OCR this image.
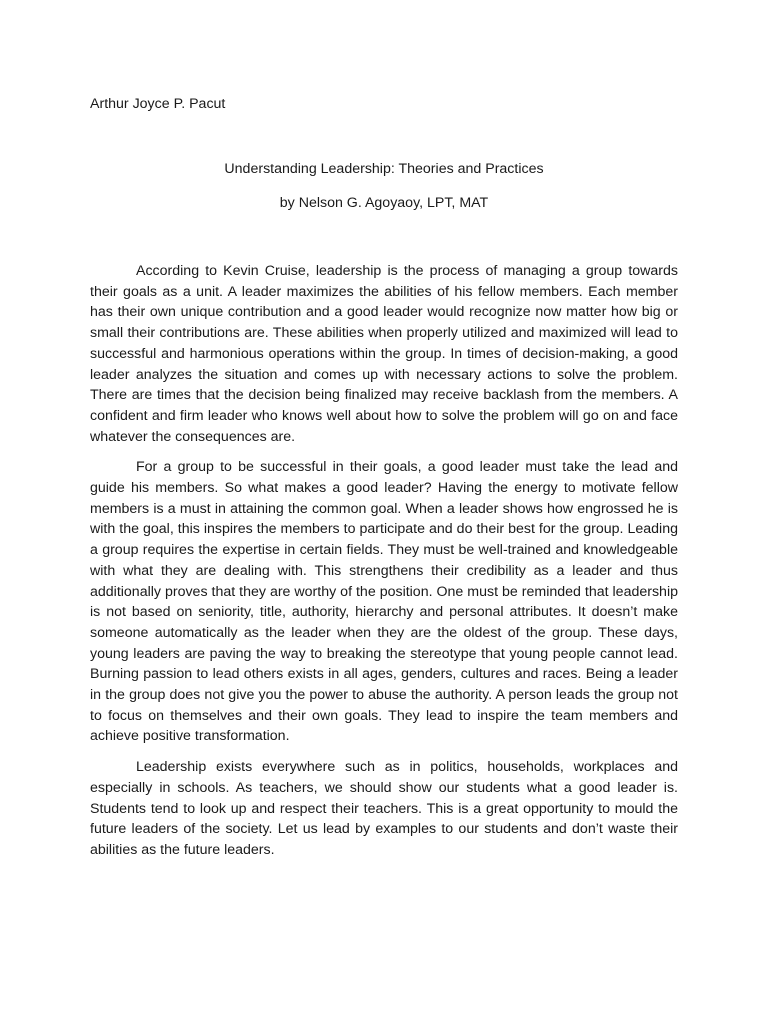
Arthur Joyce P. Pacut

Understanding Leadership: Theories and Practices

by Nelson G. Agoyaoy, LPT, MAT

According to Kevin Cruise, leadership is the process of managing a group towards their goals as a unit. A leader maximizes the abilities of his fellow members. Each member has their own unique contribution and a good leader would recognize now matter how big or small their contributions are. These abilities when properly utilized and maximized will lead to successful and harmonious operations within the group. In times of decision-making, a good leader analyzes the situation and comes up with necessary actions to solve the problem. There are times that the decision being finalized may receive backlash from the members. A confident and firm leader who knows well about how to solve the problem will go on and face whatever the consequences are.

For a group to be successful in their goals, a good leader must take the lead and guide his members. So what makes a good leader? Having the energy to motivate fellow members is a must in attaining the common goal. When a leader shows how engrossed he is with the goal, this inspires the members to participate and do their best for the group. Leading a group requires the expertise in certain fields. They must be well-trained and knowledgeable with what they are dealing with. This strengthens their credibility as a leader and thus additionally proves that they are worthy of the position. One must be reminded that leadership is not based on seniority, title, authority, hierarchy and personal attributes. It doesn’t make someone automatically as the leader when they are the oldest of the group. These days, young leaders are paving the way to breaking the stereotype that young people cannot lead. Burning passion to lead others exists in all ages, genders, cultures and races. Being a leader in the group does not give you the power to abuse the authority. A person leads the group not to focus on themselves and their own goals. They lead to inspire the team members and achieve positive transformation.

Leadership exists everywhere such as in politics, households, workplaces and especially in schools. As teachers, we should show our students what a good leader is. Students tend to look up and respect their teachers. This is a great opportunity to mould the future leaders of the society. Let us lead by examples to our students and don’t waste their abilities as the future leaders.
